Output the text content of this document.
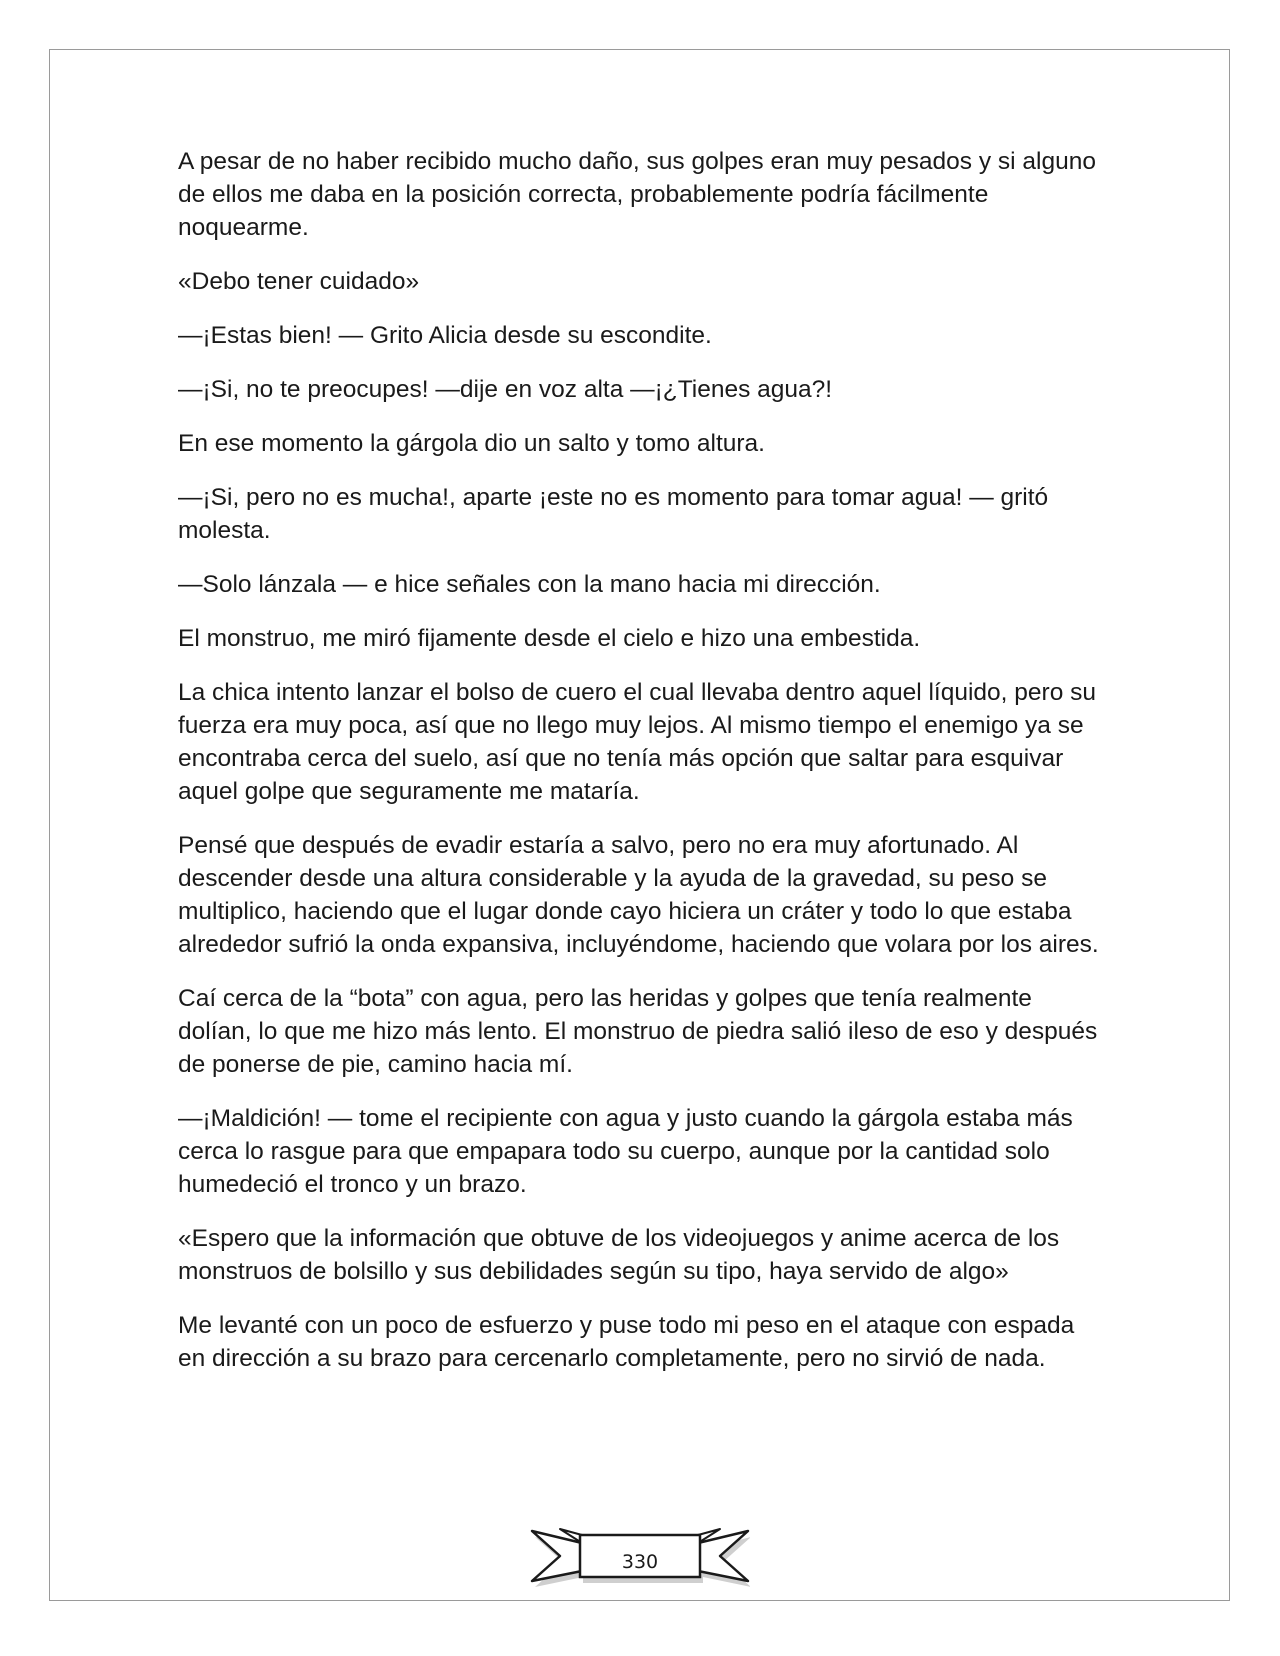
A pesar de no haber recibido mucho daño, sus golpes eran muy pesados y si alguno de ellos me daba en la posición correcta, probablemente podría fácilmente noquearme.

«Debo tener cuidado»

—¡Estas bien! — Grito Alicia desde su escondite.

—¡Si, no te preocupes! —dije en voz alta —¡¿Tienes agua?!

En ese momento la gárgola dio un salto y tomo altura.

—¡Si, pero no es mucha!, aparte ¡este no es momento para tomar agua! — gritó molesta.

—Solo lánzala — e hice señales con la mano hacia mi dirección.

El monstruo, me miró fijamente desde el cielo e hizo una embestida.

La chica intento lanzar el bolso de cuero el cual llevaba dentro aquel líquido, pero su fuerza era muy poca, así que no llego muy lejos. Al mismo tiempo el enemigo ya se encontraba cerca del suelo, así que no tenía más opción que saltar para esquivar aquel golpe que seguramente me mataría.

Pensé que después de evadir estaría a salvo, pero no era muy afortunado. Al descender desde una altura considerable y la ayuda de la gravedad, su peso se multiplico, haciendo que el lugar donde cayo hiciera un cráter y todo lo que estaba alrededor sufrió la onda expansiva, incluyéndome, haciendo que volara por los aires.

Caí cerca de la “bota” con agua, pero las heridas y golpes que tenía realmente dolían, lo que me hizo más lento. El monstruo de piedra salió ileso de eso y después de ponerse de pie, camino hacia mí.

—¡Maldición! — tome el recipiente con agua y justo cuando la gárgola estaba más cerca lo rasgue para que empapara todo su cuerpo, aunque por la cantidad solo humedeció el tronco y un brazo.

«Espero que la información que obtuve de los videojuegos y anime acerca de los monstruos de bolsillo y sus debilidades según su tipo, haya servido de algo»

Me levanté con un poco de esfuerzo y puse todo mi peso en el ataque con espada en dirección a su brazo para cercenarlo completamente, pero no sirvió de nada.

330
